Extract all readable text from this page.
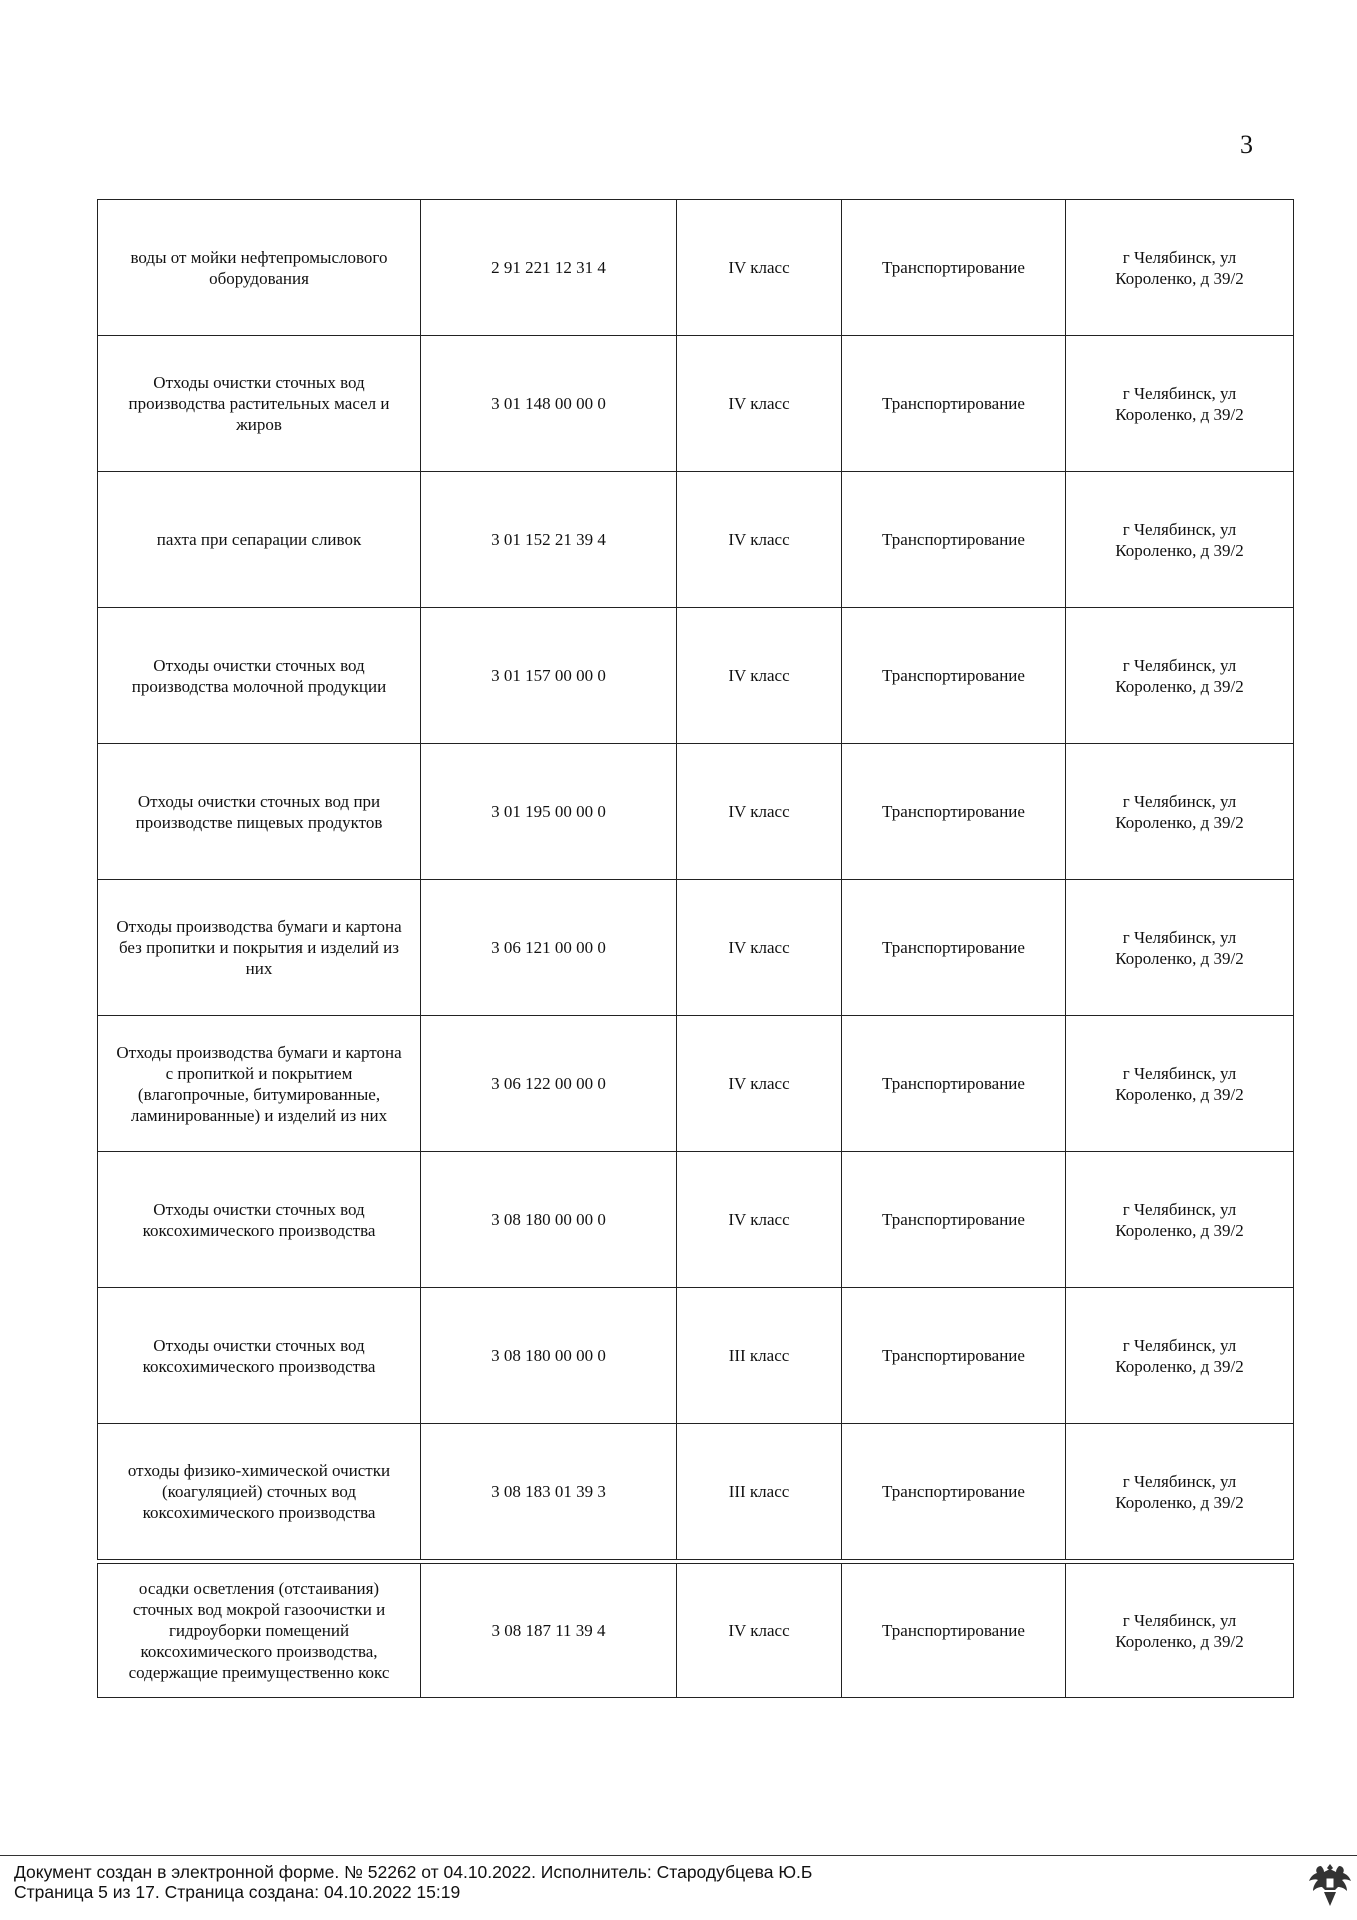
3
воды от мойки нефтепромыслового оборудования	2 91 221 12 31 4	IV класс	Транспортирование	г Челябинск, ул Короленко, д 39/2
Отходы очистки сточных вод производства растительных масел и жиров	3 01 148 00 00 0	IV класс	Транспортирование	г Челябинск, ул Короленко, д 39/2
пахта при сепарации сливок	3 01 152 21 39 4	IV класс	Транспортирование	г Челябинск, ул Короленко, д 39/2
Отходы очистки сточных вод производства молочной продукции	3 01 157 00 00 0	IV класс	Транспортирование	г Челябинск, ул Короленко, д 39/2
Отходы очистки сточных вод при производстве пищевых продуктов	3 01 195 00 00 0	IV класс	Транспортирование	г Челябинск, ул Короленко, д 39/2
Отходы производства бумаги и картона без пропитки и покрытия и изделий из них	3 06 121 00 00 0	IV класс	Транспортирование	г Челябинск, ул Короленко, д 39/2
Отходы производства бумаги и картона с пропиткой и покрытием (влагопрочные, битумированные, ламинированные) и изделий из них	3 06 122 00 00 0	IV класс	Транспортирование	г Челябинск, ул Короленко, д 39/2
Отходы очистки сточных вод коксохимического производства	3 08 180 00 00 0	IV класс	Транспортирование	г Челябинск, ул Короленко, д 39/2
Отходы очистки сточных вод коксохимического производства	3 08 180 00 00 0	III класс	Транспортирование	г Челябинск, ул Короленко, д 39/2
отходы физико-химической очистки (коагуляцией) сточных вод коксохимического производства	3 08 183 01 39 3	III класс	Транспортирование	г Челябинск, ул Короленко, д 39/2
осадки осветления (отстаивания) сточных вод мокрой газоочистки и гидроуборки помещений коксохимического производства, содержащие преимущественно кокс	3 08 187 11 39 4	IV класс	Транспортирование	г Челябинск, ул Короленко, д 39/2
Документ создан в электронной форме. № 52262 от 04.10.2022. Исполнитель: Стародубцева Ю.Б
Страница 5 из 17. Страница создана: 04.10.2022 15:19
